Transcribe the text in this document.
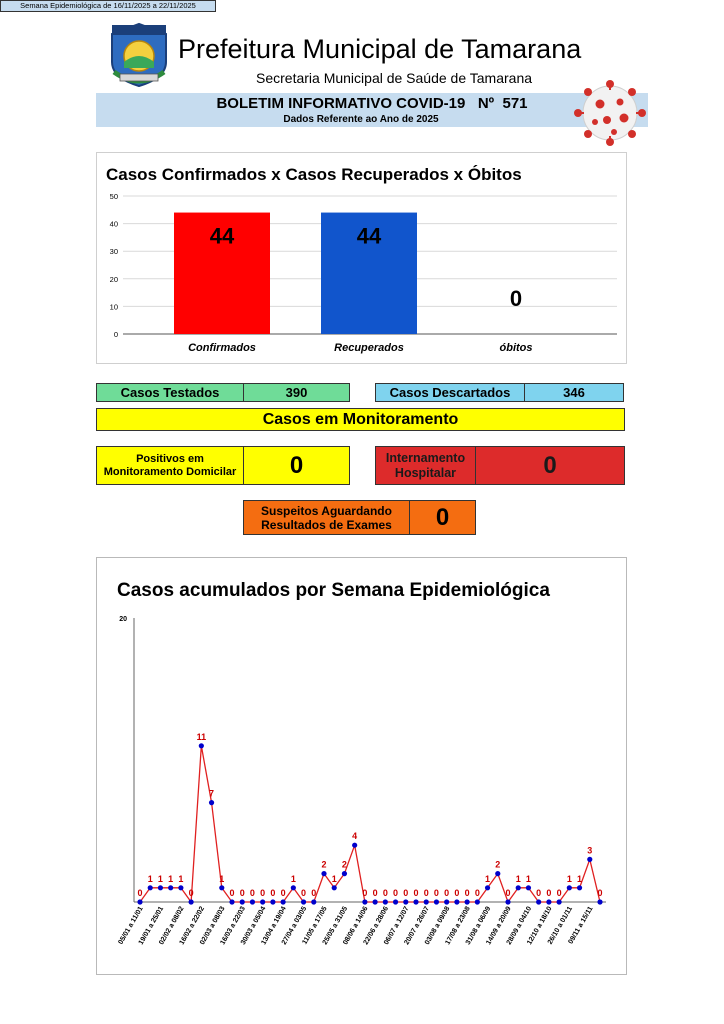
Prefeitura Municipal de Tamarana
Secretaria Municipal de Saúde de Tamarana
BOLETIM INFORMATIVO COVID-19   Nº  571
Dados Referente ao Ano de 2025
Casos Confirmados x Casos Recuperados x Óbitos
0
10
20
30
40
50
44
Confirmados
44
Recuperados
0
óbitos
Casos Testados	390	Casos Descartados	346
Casos em Monitoramento
Positivos em Monitoramento Domicilar	0	Internamento Hospitalar	0
Suspeitos Aguardando Resultados de Exames	0
Casos acumulados por Semana Epidemiológica
20
05/01 a 11/01
19/01 a 25/01
02/02 a 08/02
16/02 a 22/02
02/03 a 08/03
16/03 a 22/03
30/03 a 05/04
13/04 a 19/04
27/04 a 03/05
11/05 a 17/05
25/05 a 31/05
08/06 a 14/06
22/06 a 28/06
06/07 a 12/07
20/07 a 26/07
03/08 a 09/08
17/08 a 23/08
31/08 a 06/09
14/09 a 20/09
28/09 a 04/10
12/10 a 18/10
26/10 a 01/11
09/11 a 15/11
0
1 1 1 1
0
11
7
1
0 0 0 0 0 0
1
0 0
2
1
2
4
0 0 0 0 0 0 0 0 0 0 0 0
1
2
0
1 1
0 0 0
1 1
3
0
Semana Epidemiológica de 16/11/2025 a 22/11/2025
